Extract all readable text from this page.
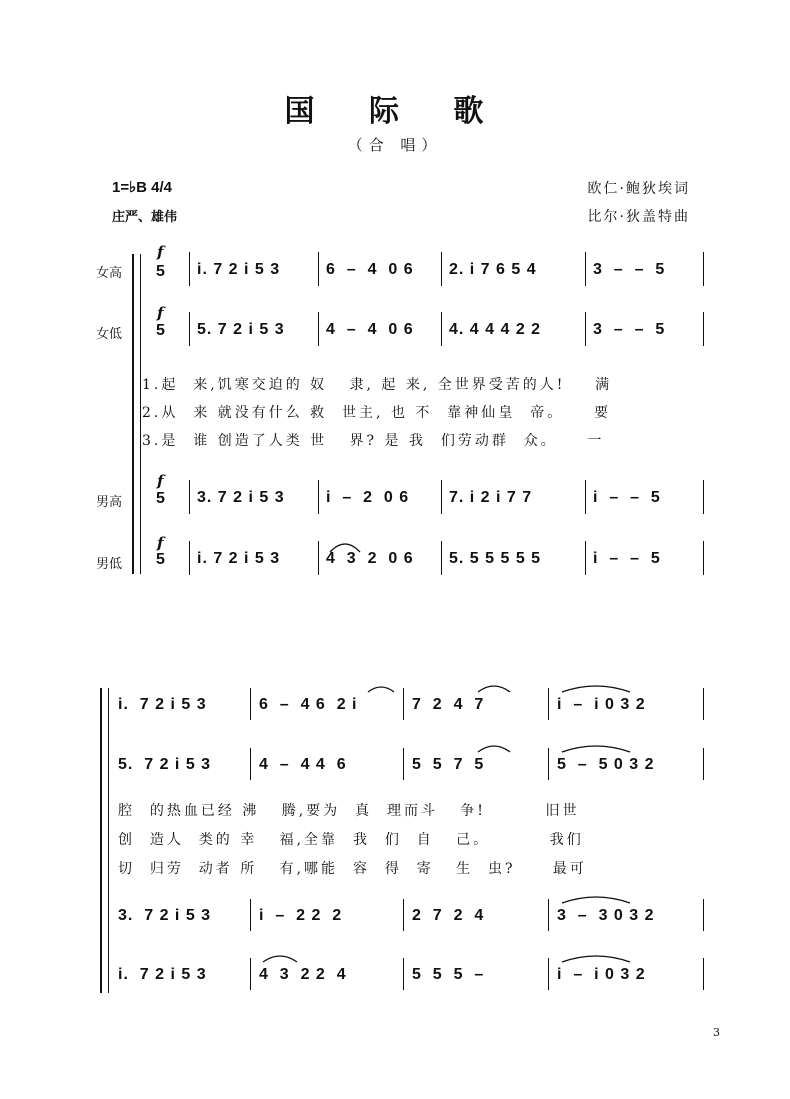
国 际 歌
（合 唱）
1=♭B 4/4
庄严、雄伟
欧仁·鲍狄埃词
比尔·狄盖特曲
女高
女低
男高
男低
f
5
f
5
f
5
f
5
i. 7 2 i 5 3	6  –  4  0 6 2. i 7 6 5 4	3  –  –  5
5. 7 2 i 5 3	4  –  4  0 6 4. 4 4 4 2 2	3  –  –  5
3. 7 2 i 5 3	i  –  2  0 6 7. i 2 i 7 7	i  –  –  5
i. 7 2 i 5 3	4  3  2  0 6 5. 5 5 5 5 5	i  –  –  5
1.起  来,饥寒交迫的 奴   隶, 起 来, 全世界受苦的人!    满
2.从  来 就没有什么 救  世主, 也 不  靠神仙皇  帝。    要
3.是  谁 创造了人类 世   界? 是 我  们劳动群  众。    一
i.  7 2 i 5 3	6  –  4 6  2 i	7  2  4  7	i  –  i 0 3 2
5.  7 2 i 5 3	4  –  4 4  6	5  5  7  5	5  –  5 0 3 2
3.  7 2 i 5 3	i  –  2 2  2	2  7  2  4	3  –  3 0 3 2
i.  7 2 i 5 3	4  3  2 2  4	5  5  5  –	i  –  i 0 3 2
腔  的热血已经 沸   腾,要为  真  理而斗   争!        旧世
创  造人  类的 幸   福,全靠  我  们  自   己。        我们
切  归劳  动者 所   有,哪能  容  得  寄   生  虫?     最可
3
